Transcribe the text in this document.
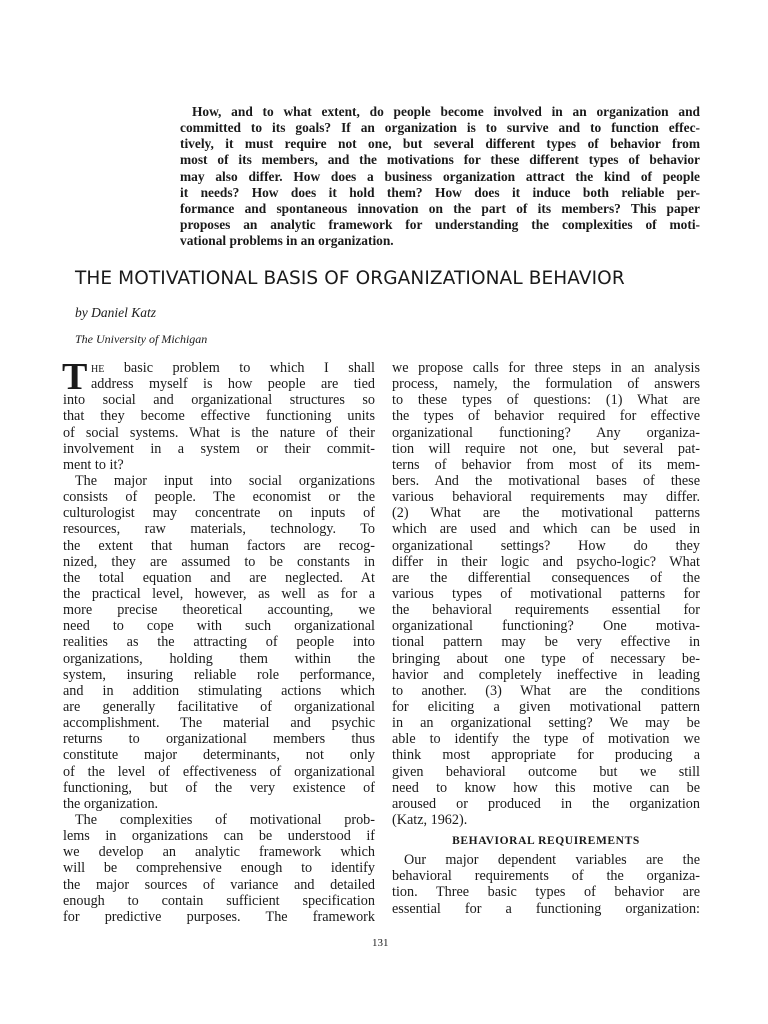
How, and to what extent, do people become involved in an organization and
committed to its goals? If an organization is to survive and to function effec-
tively, it must require not one, but several different types of behavior from
most of its members, and the motivations for these different types of behavior
may also differ. How does a business organization attract the kind of people
it needs? How does it hold them? How does it induce both reliable per-
formance and spontaneous innovation on the part of its members? This paper
proposes an analytic framework for understanding the complexities of moti-
vational problems in an organization.
THE MOTIVATIONAL BASIS OF ORGANIZATIONAL BEHAVIOR
by Daniel Katz
The University of Michigan
T HE basic problem to which I shall
address myself is how people are tied
into social and organizational structures so
that they become effective functioning units
of social systems. What is the nature of their
involvement in a system or their commit-
ment to it?
The major input into social organizations
consists of people. The economist or the
culturologist may concentrate on inputs of
resources, raw materials, technology. To
the extent that human factors are recog-
nized, they are assumed to be constants in
the total equation and are neglected. At
the practical level, however, as well as for a
more precise theoretical accounting, we
need to cope with such organizational
realities as the attracting of people into
organizations, holding them within the
system, insuring reliable role performance,
and in addition stimulating actions which
are generally facilitative of organizational
accomplishment. The material and psychic
returns to organizational members thus
constitute major determinants, not only
of the level of effectiveness of organizational
functioning, but of the very existence of
the organization.
The complexities of motivational prob-
lems in organizations can be understood if
we develop an analytic framework which
will be comprehensive enough to identify
the major sources of variance and detailed
enough to contain sufficient specification
for predictive purposes. The framework
we propose calls for three steps in an analysis
process, namely, the formulation of answers
to these types of questions: (1) What are
the types of behavior required for effective
organizational functioning? Any organiza-
tion will require not one, but several pat-
terns of behavior from most of its mem-
bers. And the motivational bases of these
various behavioral requirements may differ.
(2) What are the motivational patterns
which are used and which can be used in
organizational settings? How do they
differ in their logic and psycho-logic? What
are the differential consequences of the
various types of motivational patterns for
the behavioral requirements essential for
organizational functioning? One motiva-
tional pattern may be very effective in
bringing about one type of necessary be-
havior and completely ineffective in leading
to another. (3) What are the conditions
for eliciting a given motivational pattern
in an organizational setting? We may be
able to identify the type of motivation we
think most appropriate for producing a
given behavioral outcome but we still
need to know how this motive can be
aroused or produced in the organization
(Katz, 1962).
BEHAVIORAL REQUIREMENTS
Our major dependent variables are the
behavioral requirements of the organiza-
tion. Three basic types of behavior are
essential for a functioning organization:
131
